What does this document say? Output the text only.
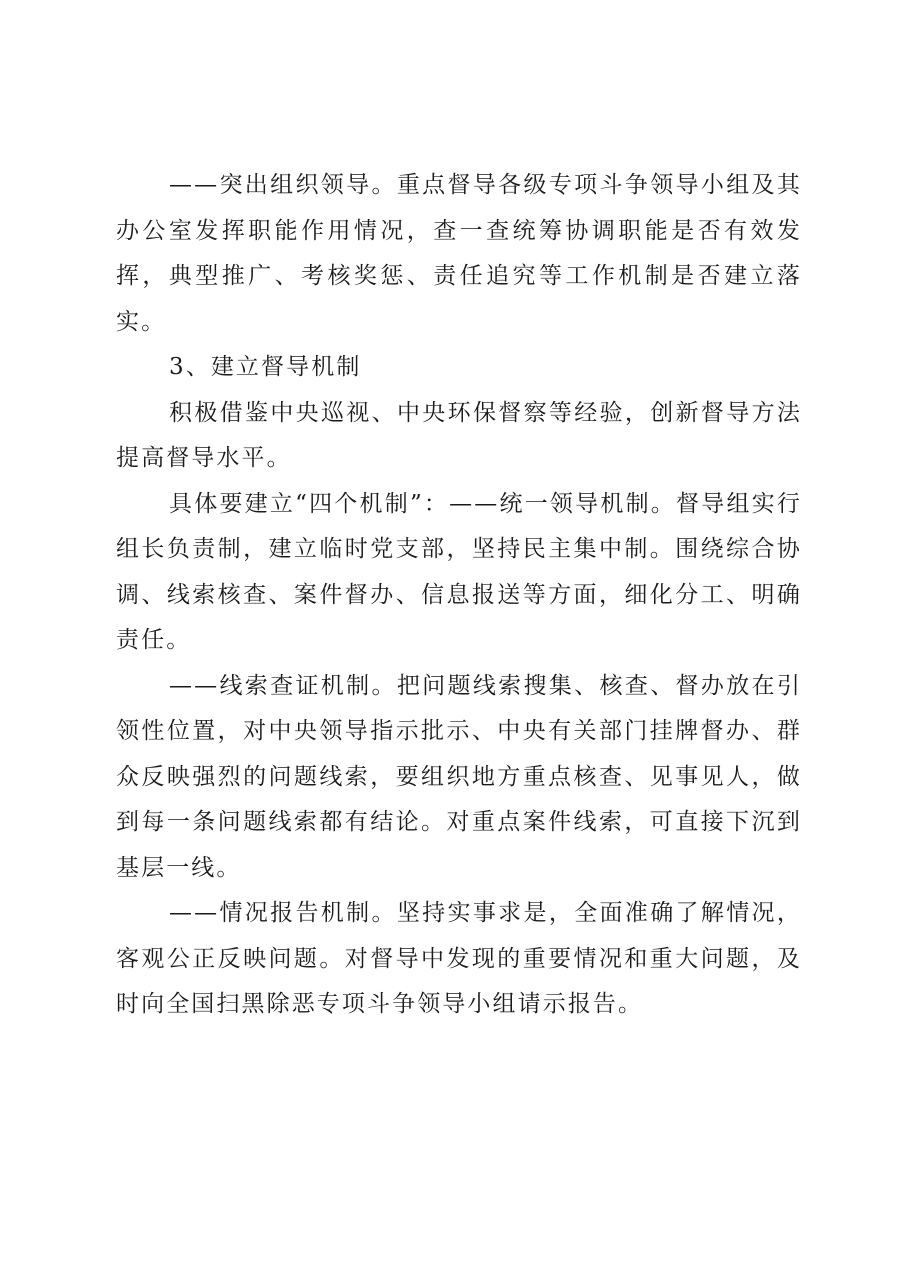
——突出组织领导。重点督导各级专项斗争领导小组及其办公室发挥职能作用情况，查一查统筹协调职能是否有效发挥，典型推广、考核奖惩、责任追究等工作机制是否建立落实。

3、建立督导机制

积极借鉴中央巡视、中央环保督察等经验，创新督导方法提高督导水平。

具体要建立“四个机制”：——统一领导机制。督导组实行组长负责制，建立临时党支部，坚持民主集中制。围绕综合协调、线索核查、案件督办、信息报送等方面，细化分工、明确责任。

——线索查证机制。把问题线索搜集、核查、督办放在引领性位置，对中央领导指示批示、中央有关部门挂牌督办、群众反映强烈的问题线索，要组织地方重点核查、见事见人，做到每一条问题线索都有结论。对重点案件线索，可直接下沉到基层一线。

——情况报告机制。坚持实事求是，全面准确了解情况，客观公正反映问题。对督导中发现的重要情况和重大问题，及时向全国扫黑除恶专项斗争领导小组请示报告。
